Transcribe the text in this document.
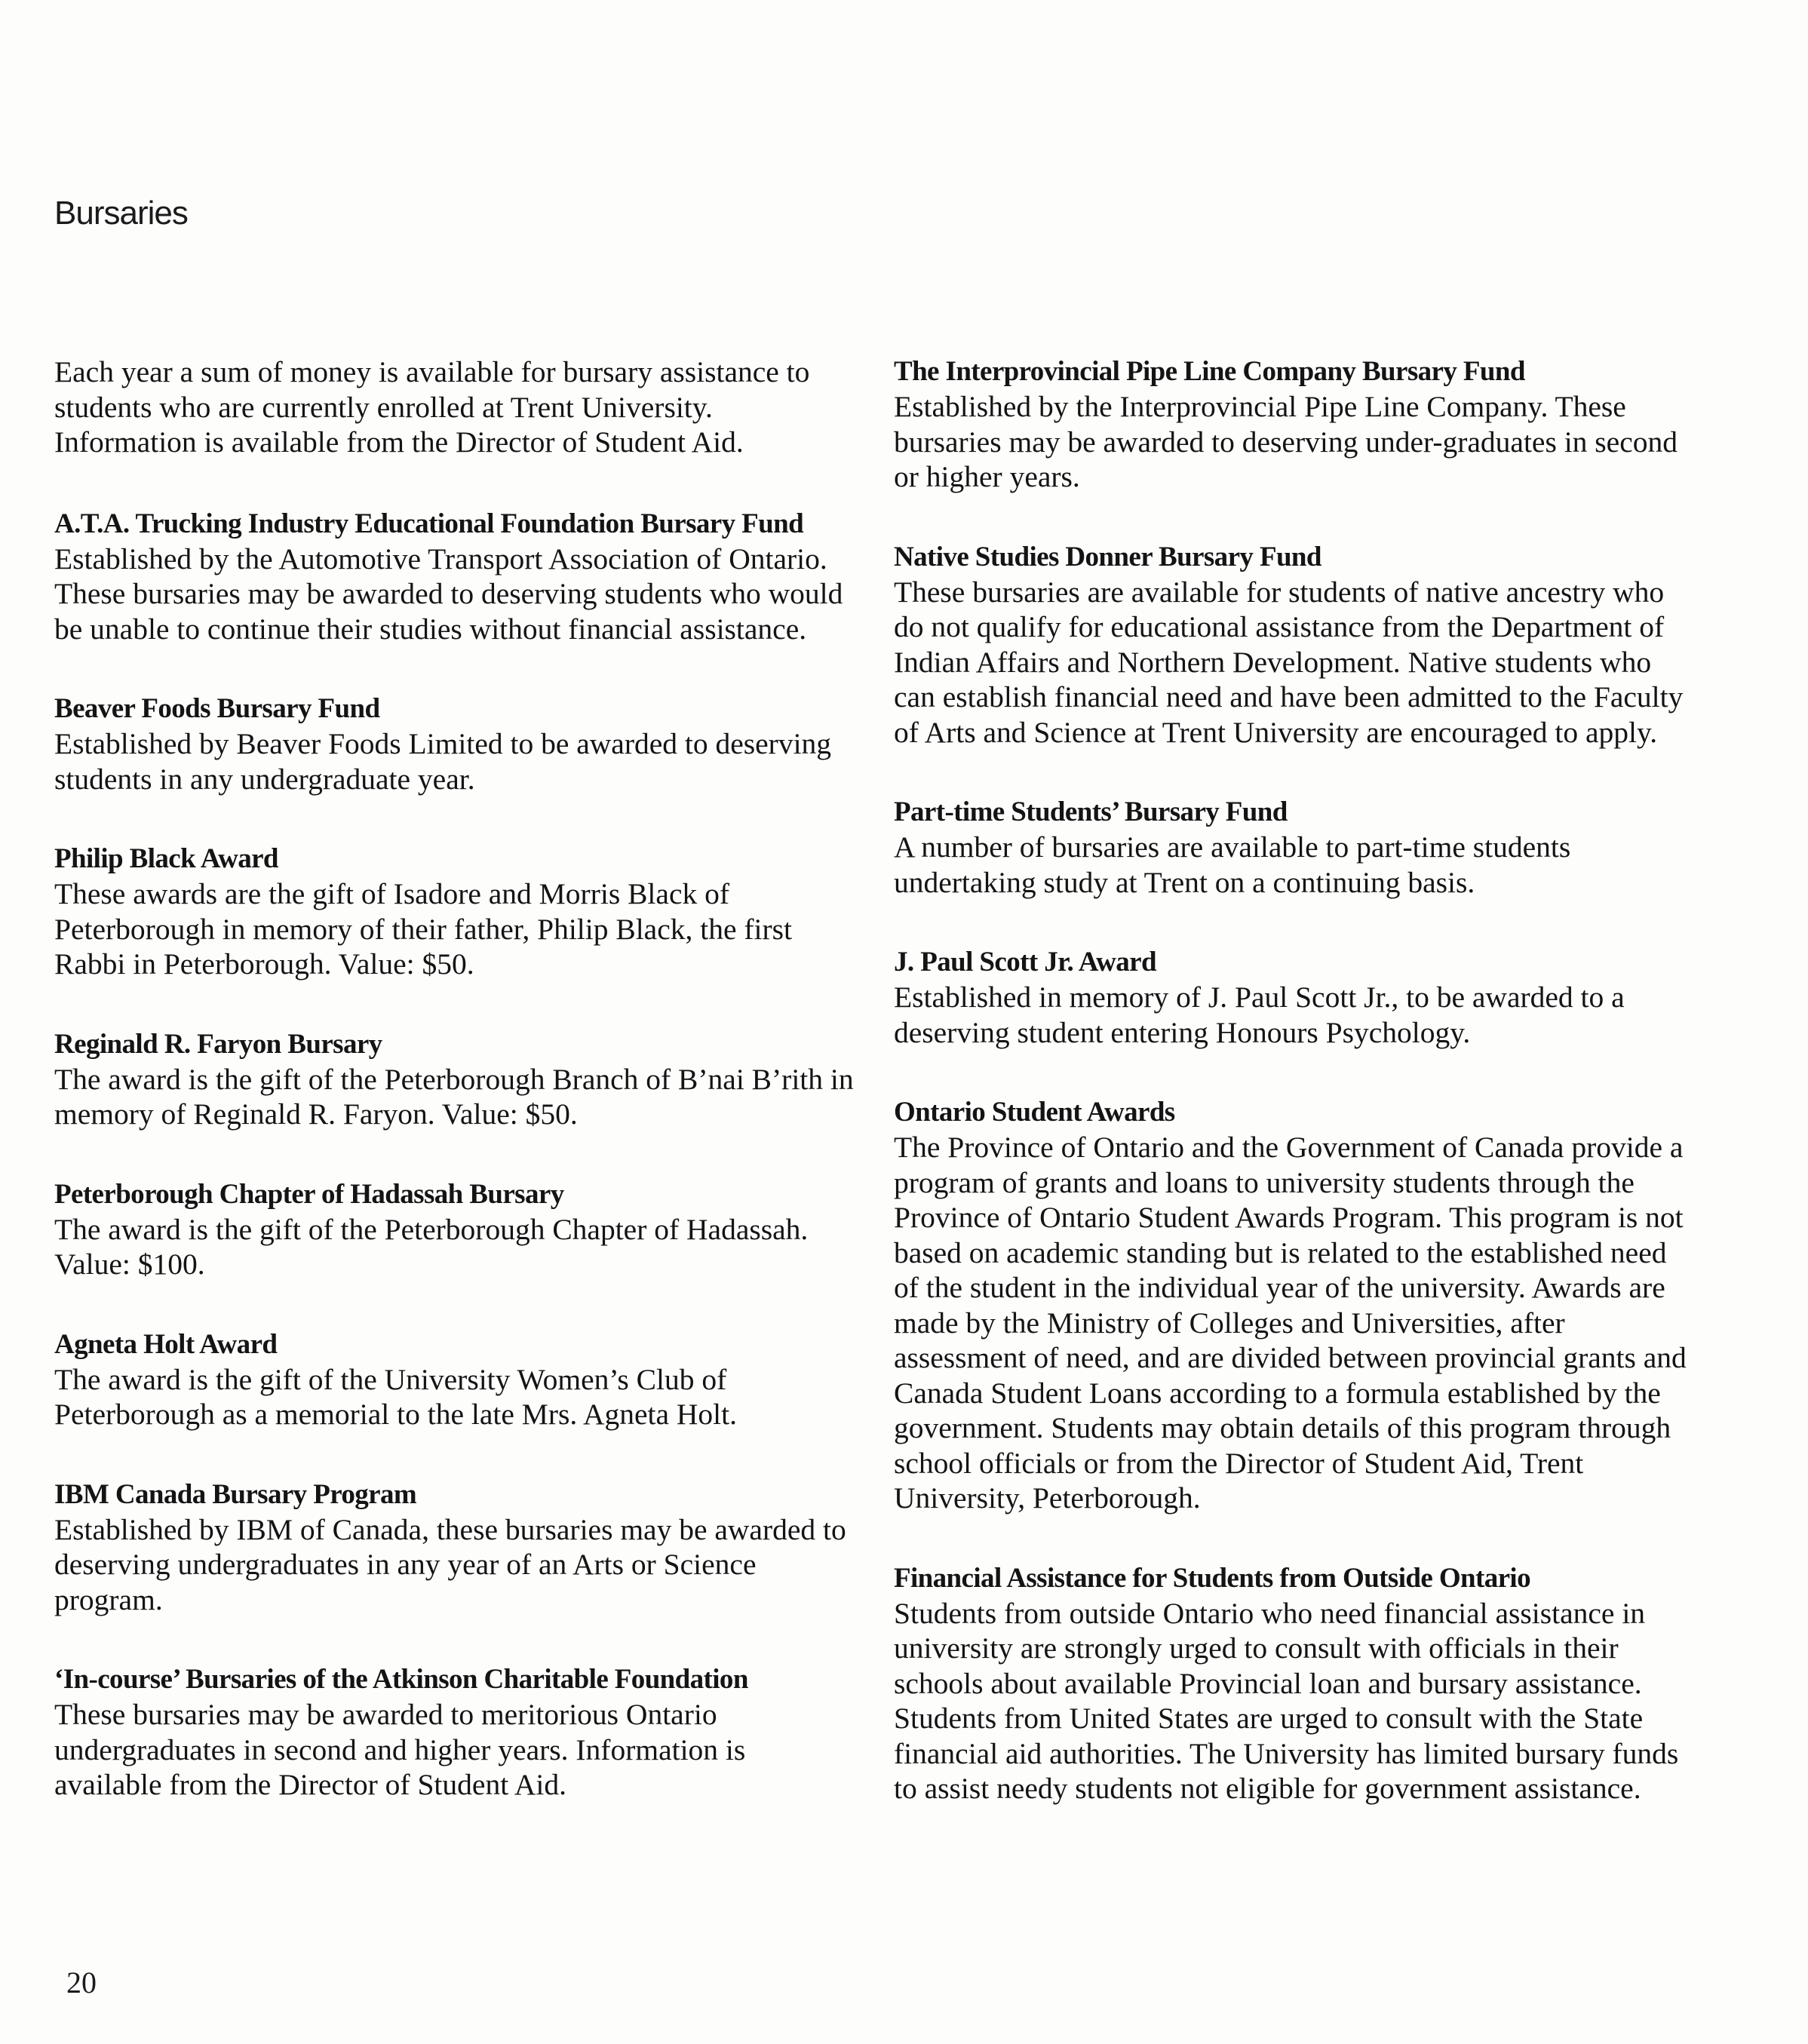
Bursaries

Each year a sum of money is available for bursary assistance to students who are currently enrolled at Trent University. Information is available from the Director of Student Aid.

A.T.A. Trucking Industry Educational Foundation Bursary Fund

Established by the Automotive Transport Association of Ontario. These bursaries may be awarded to deserving students who would be unable to continue their studies without financial assistance.

Beaver Foods Bursary Fund

Established by Beaver Foods Limited to be awarded to deserving students in any undergraduate year.

Philip Black Award

These awards are the gift of Isadore and Morris Black of Peterborough in memory of their father, Philip Black, the first Rabbi in Peterborough. Value: $50.

Reginald R. Faryon Bursary

The award is the gift of the Peterborough Branch of B’nai B’rith in memory of Reginald R. Faryon. Value: $50.

Peterborough Chapter of Hadassah Bursary

The award is the gift of the Peterborough Chapter of Hadassah. Value: $100.

Agneta Holt Award

The award is the gift of the University Women’s Club of Peterborough as a memorial to the late Mrs. Agneta Holt.

IBM Canada Bursary Program

Established by IBM of Canada, these bursaries may be awarded to deserving undergraduates in any year of an Arts or Science program.

‘In-course’ Bursaries of the Atkinson Charitable Foundation

These bursaries may be awarded to meritorious Ontario undergraduates in second and higher years. Information is available from the Director of Student Aid.

The Interprovincial Pipe Line Company Bursary Fund

Established by the Interprovincial Pipe Line Company. These bursaries may be awarded to deserving under-graduates in second or higher years.

Native Studies Donner Bursary Fund

These bursaries are available for students of native ancestry who do not qualify for educational assistance from the Department of Indian Affairs and Northern Development. Native students who can establish financial need and have been admitted to the Faculty of Arts and Science at Trent University are encouraged to apply.

Part-time Students’ Bursary Fund

A number of bursaries are available to part-time students undertaking study at Trent on a continuing basis.

J. Paul Scott Jr. Award

Established in memory of J. Paul Scott Jr., to be awarded to a deserving student entering Honours Psychology.

Ontario Student Awards

The Province of Ontario and the Government of Canada provide a program of grants and loans to university students through the Province of Ontario Student Awards Program. This program is not based on academic standing but is related to the established need of the student in the individual year of the university. Awards are made by the Ministry of Colleges and Universities, after assessment of need, and are divided between provincial grants and Canada Student Loans according to a formula established by the government. Students may obtain details of this program through school officials or from the Director of Student Aid, Trent University, Peterborough.

Financial Assistance for Students from Outside Ontario

Students from outside Ontario who need financial assistance in university are strongly urged to consult with officials in their schools about available Provincial loan and bursary assistance. Students from United States are urged to consult with the State financial aid authorities. The University has limited bursary funds to assist needy students not eligible for government assistance.

20
